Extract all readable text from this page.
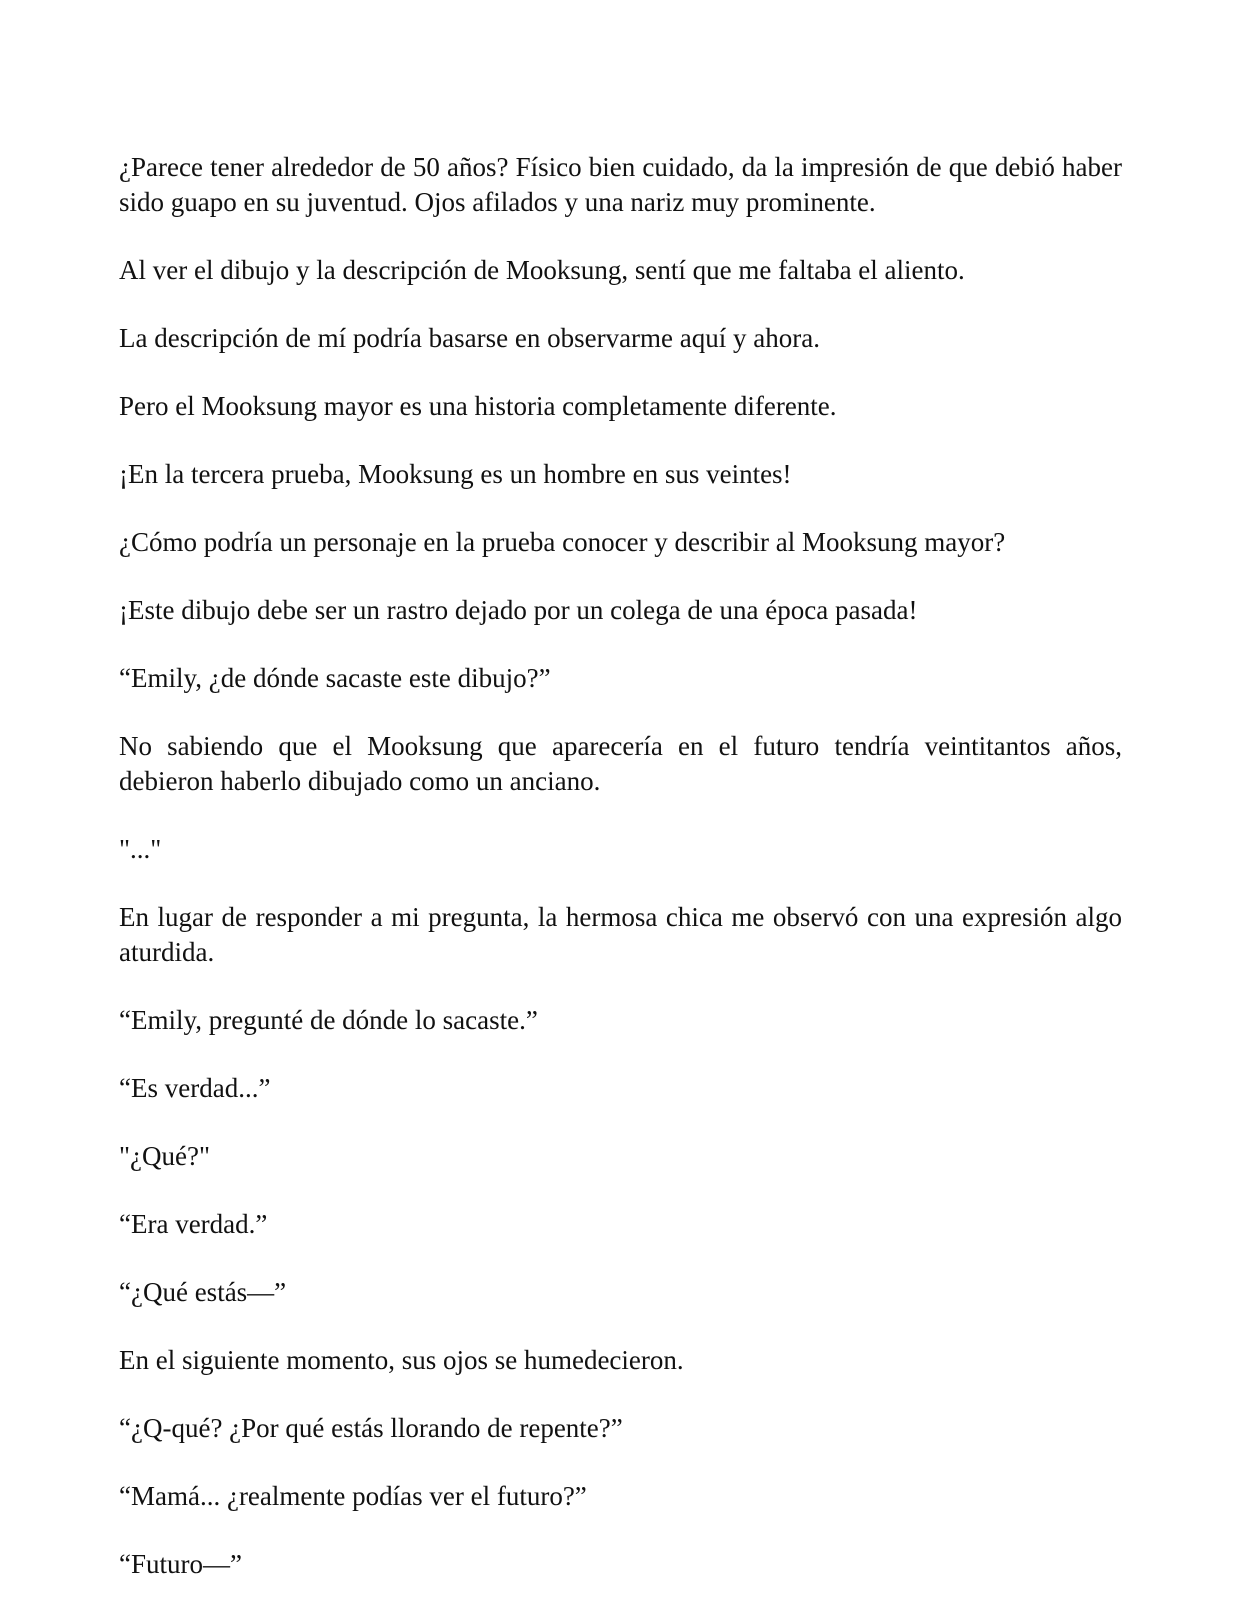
¿Parece tener alrededor de 50 años? Físico bien cuidado, da la impresión de que debió haber sido guapo en su juventud. Ojos afilados y una nariz muy prominente.

Al ver el dibujo y la descripción de Mooksung, sentí que me faltaba el aliento.

La descripción de mí podría basarse en observarme aquí y ahora.

Pero el Mooksung mayor es una historia completamente diferente.

¡En la tercera prueba, Mooksung es un hombre en sus veintes!

¿Cómo podría un personaje en la prueba conocer y describir al Mooksung mayor?

¡Este dibujo debe ser un rastro dejado por un colega de una época pasada!

“Emily, ¿de dónde sacaste este dibujo?”

No sabiendo que el Mooksung que aparecería en el futuro tendría veintitantos años, debieron haberlo dibujado como un anciano.

"..."

En lugar de responder a mi pregunta, la hermosa chica me observó con una expresión algo aturdida.

“Emily, pregunté de dónde lo sacaste.”

“Es verdad...”

"¿Qué?"

“Era verdad.”

“¿Qué estás—”

En el siguiente momento, sus ojos se humedecieron.

“¿Q-qué? ¿Por qué estás llorando de repente?”

“Mamá... ¿realmente podías ver el futuro?”

“Futuro—”
